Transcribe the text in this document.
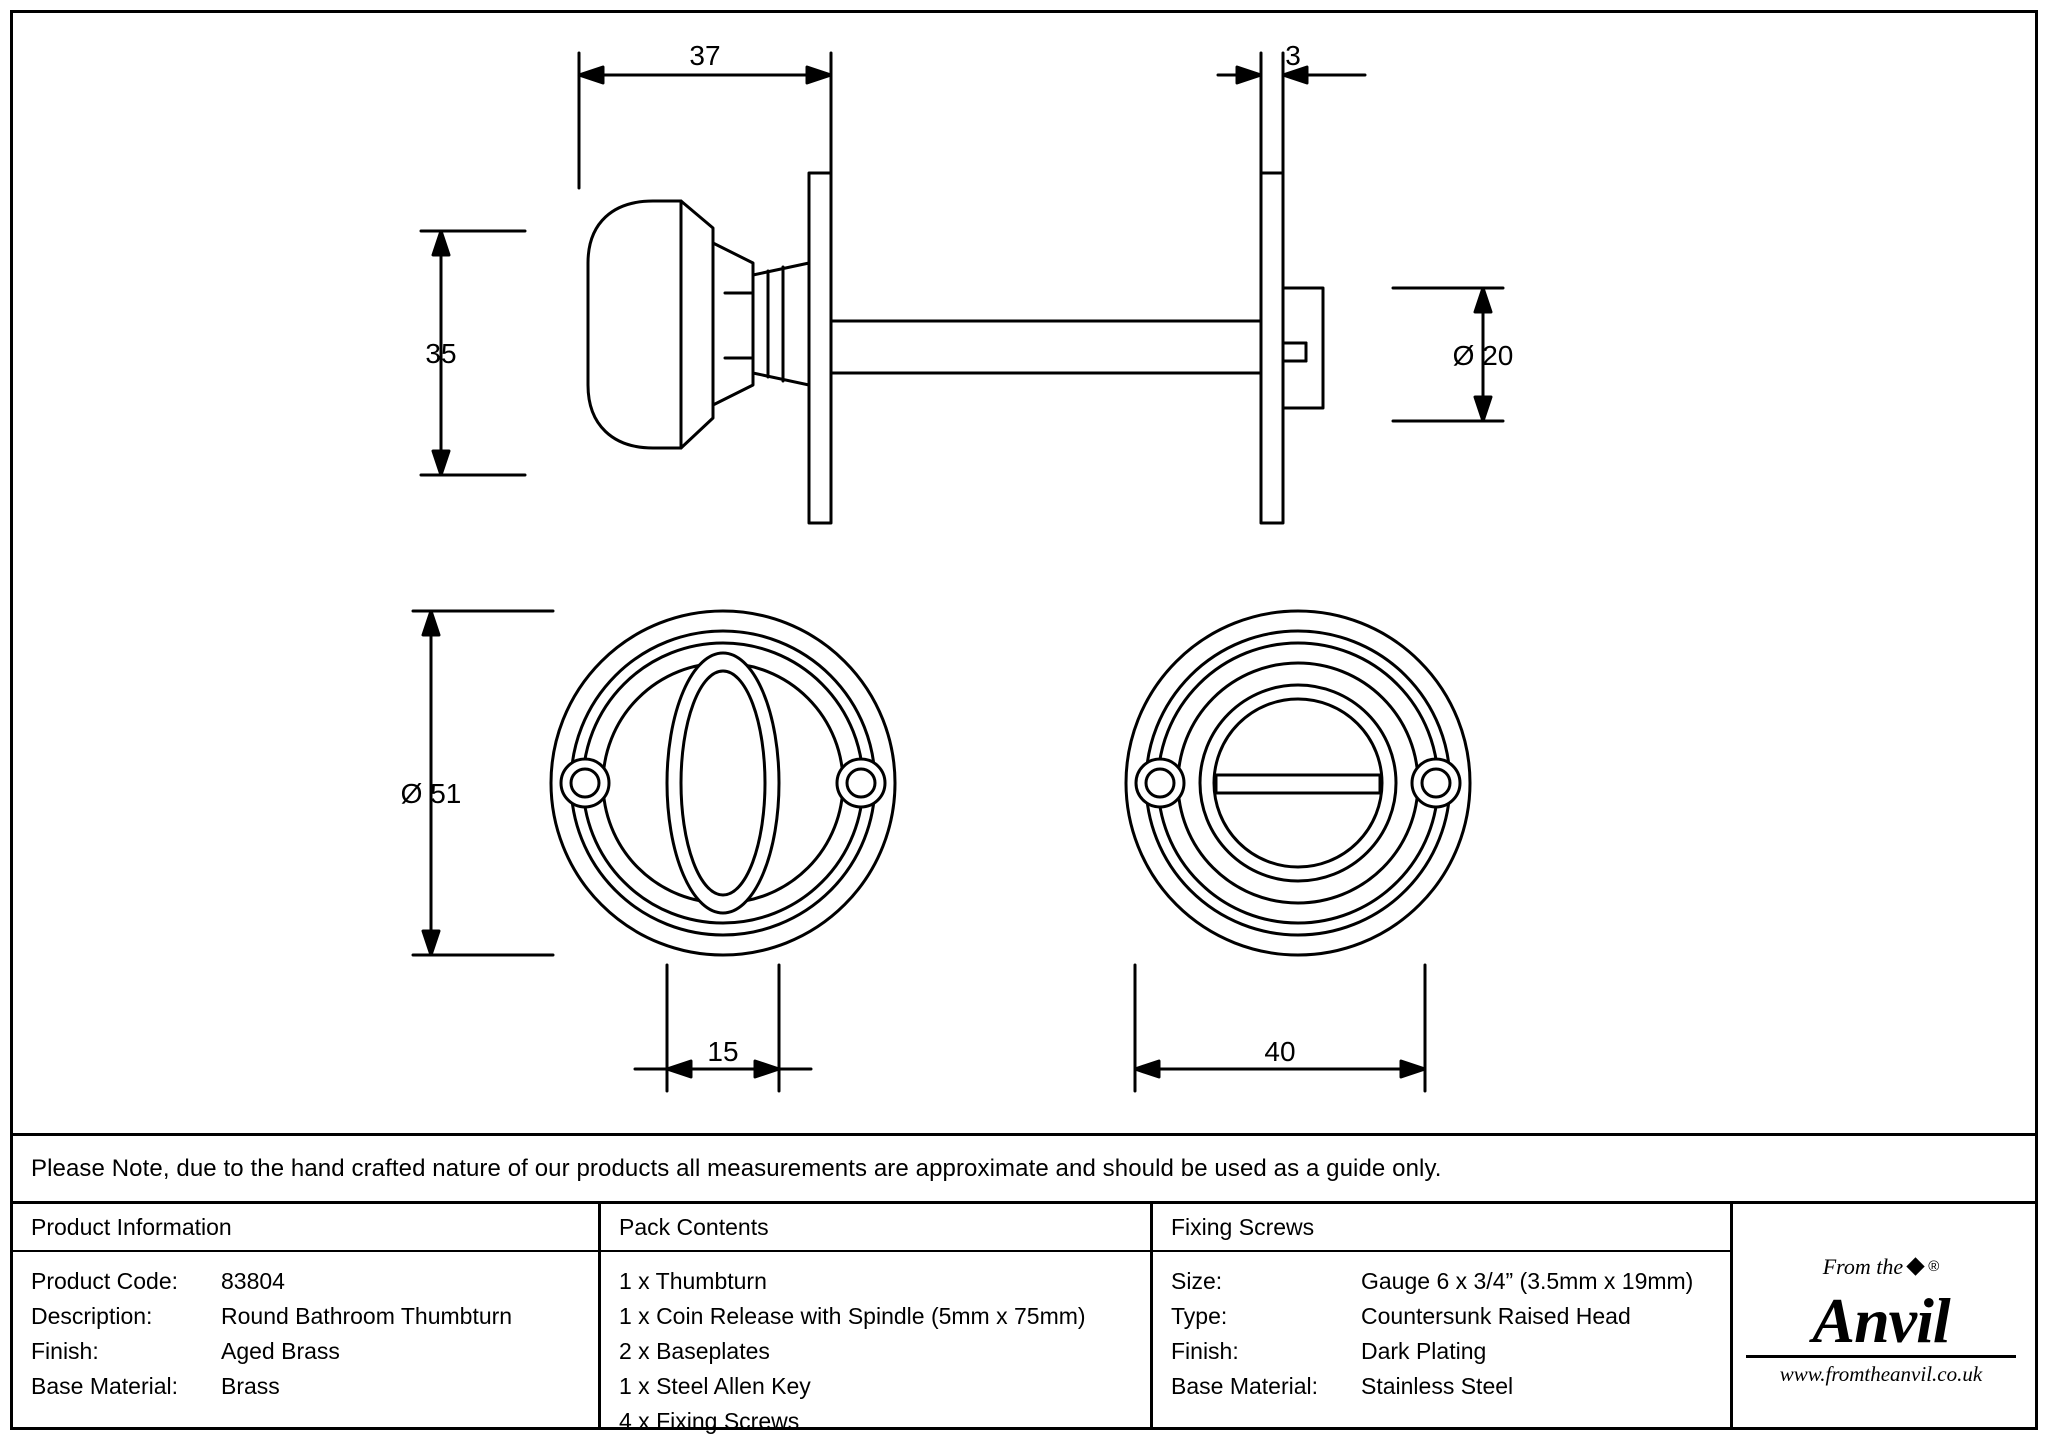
37	3
35	Ø 20
Ø 51
15	40
Please Note, due to the hand crafted nature of our products all measurements are approximate and should be used as a guide only.
Product Information
Product Code:	83804
Description:	Round Bathroom Thumbturn
Finish:	Aged Brass
Base Material:	Brass
Pack Contents
1 x Thumbturn
1 x Coin Release with Spindle (5mm x 75mm)
2 x Baseplates
1 x Steel Allen Key
4 x Fixing Screws
Fixing Screws
Size:	Gauge 6 x 3/4” (3.5mm x 19mm)
Type:	Countersunk Raised Head
Finish:	Dark Plating
Base Material:	Stainless Steel
From the ®
Anvil
www.fromtheanvil.co.uk
